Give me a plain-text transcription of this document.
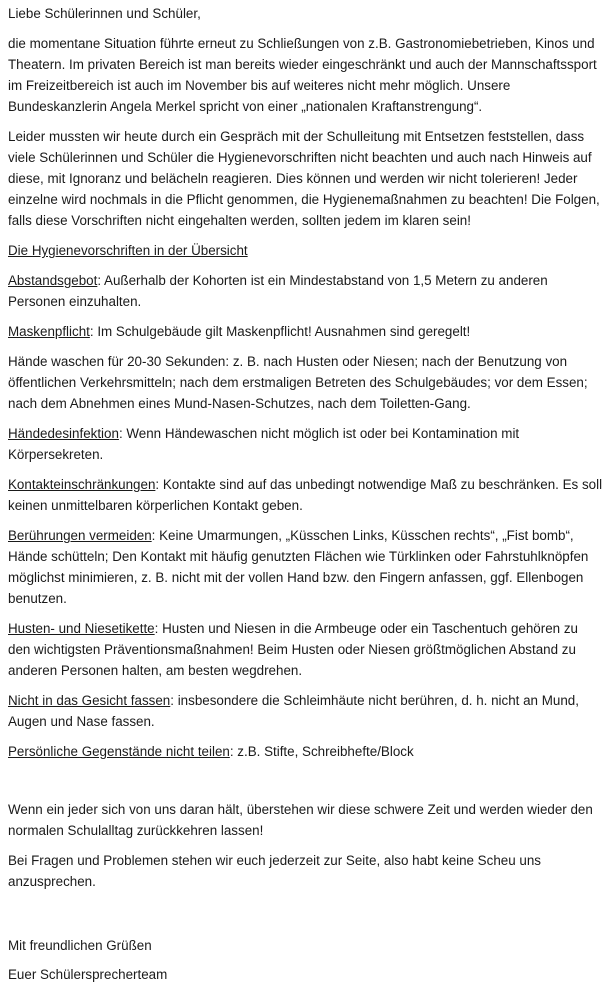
Liebe Schülerinnen und Schüler,

die momentane Situation führte erneut zu Schließungen von z.B. Gastronomiebetrieben, Kinos und Theatern. Im privaten Bereich ist man bereits wieder eingeschränkt und auch der Mannschaftssport im Freizeitbereich ist auch im November bis auf weiteres nicht mehr möglich. Unsere Bundeskanzlerin Angela Merkel spricht von einer „nationalen Kraftanstrengung“.

Leider mussten wir heute durch ein Gespräch mit der Schulleitung mit Entsetzen feststellen, dass viele Schülerinnen und Schüler die Hygienevorschriften nicht beachten und auch nach Hinweis auf diese, mit Ignoranz und belächeln reagieren. Dies können und werden wir nicht tolerieren! Jeder einzelne wird nochmals in die Pflicht genommen, die Hygienemaßnahmen zu beachten! Die Folgen, falls diese Vorschriften nicht eingehalten werden, sollten jedem im klaren sein!

Die Hygienevorschriften in der Übersicht

Abstandsgebot: Außerhalb der Kohorten ist ein Mindestabstand von 1,5 Metern zu anderen Personen einzuhalten.

Maskenpflicht: Im Schulgebäude gilt Maskenpflicht! Ausnahmen sind geregelt!

Hände waschen für 20-30 Sekunden: z. B. nach Husten oder Niesen; nach der Benutzung von öffentlichen Verkehrsmitteln; nach dem erstmaligen Betreten des Schulgebäudes; vor dem Essen; nach dem Abnehmen eines Mund-Nasen-Schutzes, nach dem Toiletten-Gang.

Händedesinfektion: Wenn Händewaschen nicht möglich ist oder bei Kontamination mit Körpersekreten.

Kontakteinschränkungen: Kontakte sind auf das unbedingt notwendige Maß zu beschränken. Es soll keinen unmittelbaren körperlichen Kontakt geben.

Berührungen vermeiden: Keine Umarmungen, „Küsschen Links, Küsschen rechts“, „Fist bomb“, Hände schütteln; Den Kontakt mit häufig genutzten Flächen wie Türklinken oder Fahrstuhlknöpfen möglichst minimieren, z. B. nicht mit der vollen Hand bzw. den Fingern anfassen, ggf. Ellenbogen benutzen.

Husten- und Niesetikette: Husten und Niesen in die Armbeuge oder ein Taschentuch gehören zu den wichtigsten Präventionsmaßnahmen! Beim Husten oder Niesen größtmöglichen Abstand zu anderen Personen halten, am besten wegdrehen.

Nicht in das Gesicht fassen: insbesondere die Schleimhäute nicht berühren, d. h. nicht an Mund, Augen und Nase fassen.

Persönliche Gegenstände nicht teilen: z.B. Stifte, Schreibhefte/Block

Wenn ein jeder sich von uns daran hält, überstehen wir diese schwere Zeit und werden wieder den normalen Schulalltag zurückkehren lassen!

Bei Fragen und Problemen stehen wir euch jederzeit zur Seite, also habt keine Scheu uns anzusprechen.

Mit freundlichen Grüßen

Euer Schülersprecherteam
